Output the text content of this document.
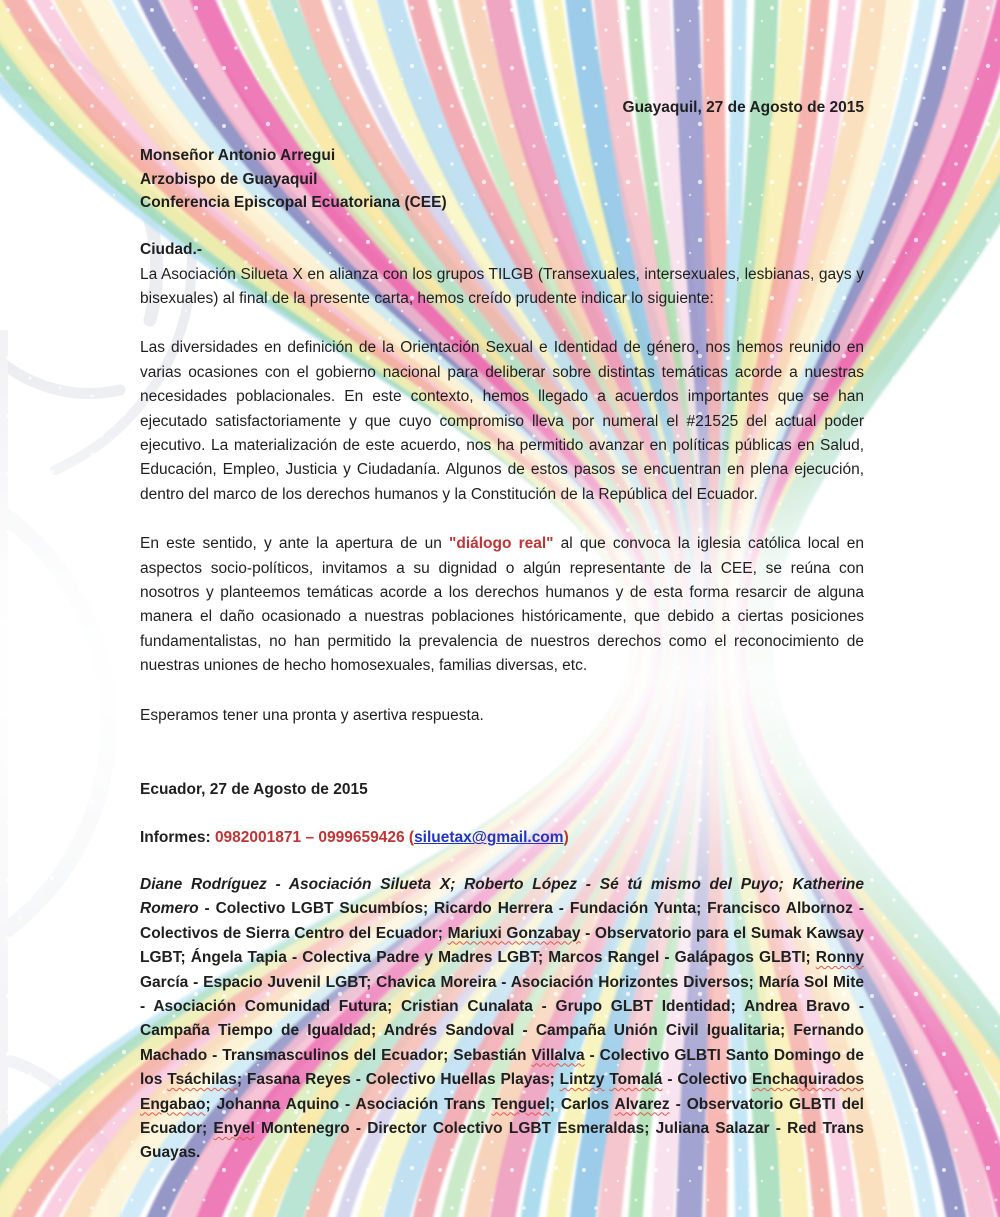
Guayaquil, 27 de Agosto de 2015
Monseñor Antonio Arregui
Arzobispo de Guayaquil
Conferencia Episcopal Ecuatoriana (CEE)
Ciudad.-

La Asociación Silueta X en alianza con los grupos TILGB (Transexuales, intersexuales, lesbianas, gays y bisexuales) al final de la presente carta, hemos creído prudente indicar lo siguiente:

Las diversidades en definición de la Orientación Sexual e Identidad de género, nos hemos reunido en varias ocasiones con el gobierno nacional para deliberar sobre distintas temáticas acorde a nuestras necesidades poblacionales. En este contexto, hemos llegado a acuerdos importantes que se han ejecutado satisfactoriamente y que cuyo compromiso lleva por numeral el #21525 del actual poder ejecutivo. La materialización de este acuerdo, nos ha permitido avanzar en políticas públicas en Salud, Educación, Empleo, Justicia y Ciudadanía. Algunos de estos pasos se encuentran en plena ejecución, dentro del marco de los derechos humanos y la Constitución de la República del Ecuador.

En este sentido, y ante la apertura de un "diálogo real" al que convoca la iglesia católica local en aspectos socio-políticos, invitamos a su dignidad o algún representante de la CEE, se reúna con nosotros y planteemos temáticas acorde a los derechos humanos y de esta forma resarcir de alguna manera el daño ocasionado a nuestras poblaciones históricamente, que debido a ciertas posiciones fundamentalistas, no han permitido la prevalencia de nuestros derechos como el reconocimiento de nuestras uniones de hecho homosexuales, familias diversas, etc.

Esperamos tener una pronta y asertiva respuesta.

Ecuador, 27 de Agosto de 2015
Informes: 0982001871 – 0999659426 (siluetax@gmail.com)

Diane Rodríguez - Asociación Silueta X; Roberto López - Sé tú mismo del Puyo; Katherine Romero - Colectivo LGBT Sucumbíos; Ricardo Herrera - Fundación Yunta; Francisco Albornoz - Colectivos de Sierra Centro del Ecuador; Mariuxi Gonzabay - Observatorio para el Sumak Kawsay LGBT; Ángela Tapia - Colectiva Padre y Madres LGBT; Marcos Rangel - Galápagos GLBTI; Ronny García - Espacio Juvenil LGBT; Chavica Moreira - Asociación Horizontes Diversos; María Sol Mite - Asociación Comunidad Futura; Cristian Cunalata - Grupo GLBT Identidad; Andrea Bravo - Campaña Tiempo de Igualdad; Andrés Sandoval - Campaña Unión Civil Igualitaria; Fernando Machado - Transmasculinos del Ecuador; Sebastián Villalva - Colectivo GLBTI Santo Domingo de los Tsáchilas; Fasana Reyes - Colectivo Huellas Playas; Lintzy Tomalá - Colectivo Enchaquirados Engabao; Johanna Aquino - Asociación Trans Tenguel; Carlos Alvarez - Observatorio GLBTI del Ecuador; Enyel Montenegro - Director Colectivo LGBT Esmeraldas; Juliana Salazar - Red Trans Guayas.
